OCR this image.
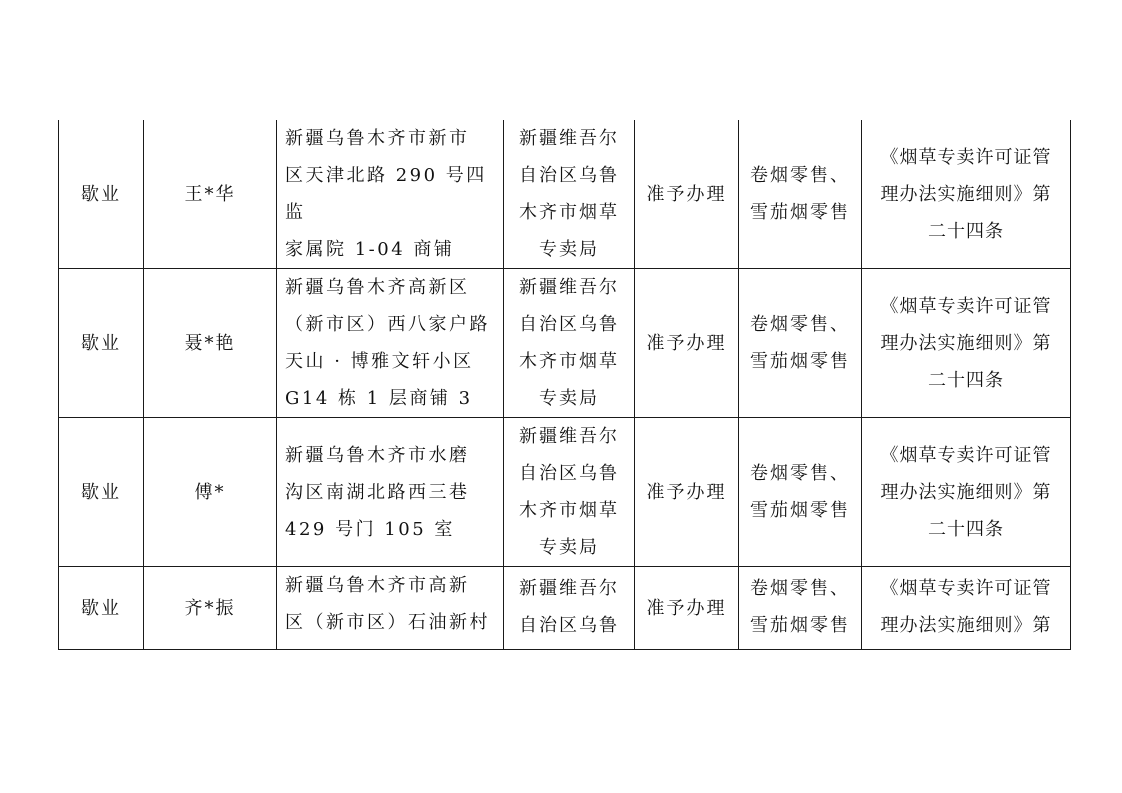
歇业	王*华	新疆乌鲁木齐市新市
区天津北路 290 号四监
家属院 1-04 商铺	新疆维吾尔
自治区乌鲁
木齐市烟草
专卖局	准予办理	卷烟零售、
雪茄烟零售	《烟草专卖许可证管
理办法实施细则》第
二十四条
歇业	聂*艳	新疆乌鲁木齐高新区
（新市区）西八家户路
天山 · 博雅文轩小区
G14 栋 1 层商铺 3	新疆维吾尔
自治区乌鲁
木齐市烟草
专卖局	准予办理	卷烟零售、
雪茄烟零售	《烟草专卖许可证管
理办法实施细则》第
二十四条
歇业	傅*	新疆乌鲁木齐市水磨
沟区南湖北路西三巷
429 号门 105 室	新疆维吾尔
自治区乌鲁
木齐市烟草
专卖局	准予办理	卷烟零售、
雪茄烟零售	《烟草专卖许可证管
理办法实施细则》第
二十四条
歇业	齐*振	新疆乌鲁木齐市高新
区（新市区）石油新村	新疆维吾尔
自治区乌鲁	准予办理	卷烟零售、
雪茄烟零售	《烟草专卖许可证管
理办法实施细则》第
